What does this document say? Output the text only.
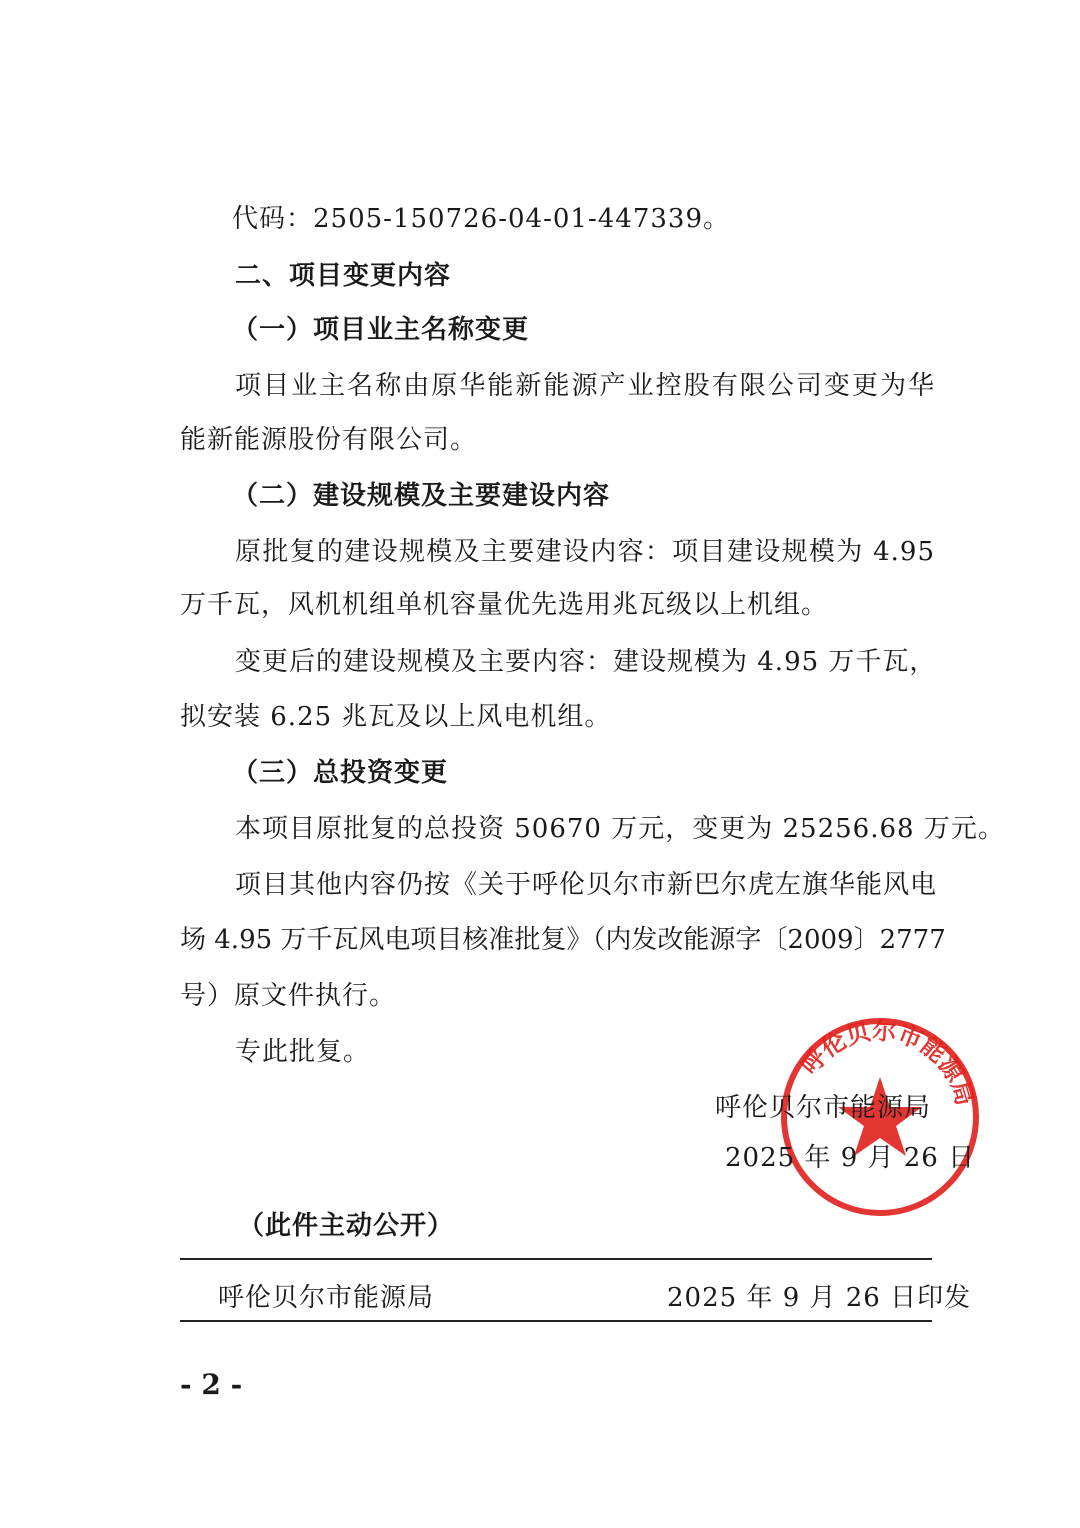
代码：2505-150726-04-01-447339。
二、项目变更内容
（一）项目业主名称变更
项目业主名称由原华能新能源产业控股有限公司变更为华
能新能源股份有限公司。
（二）建设规模及主要建设内容
原批复的建设规模及主要建设内容：项目建设规模为 4.95
万千瓦，风机机组单机容量优先选用兆瓦级以上机组。
变更后的建设规模及主要内容：建设规模为 4.95 万千瓦，
拟安装 6.25 兆瓦及以上风电机组。
（三）总投资变更
本项目原批复的总投资 50670 万元，变更为 25256.68 万元。
项目其他内容仍按《关于呼伦贝尔市新巴尔虎左旗华能风电
场 4.95 万千瓦风电项目核准批复》（内发改能源字〔2009〕2777
号）原文件执行。
专此批复。	呼伦贝尔市能源局
呼伦贝尔市能源局
2025 年 9 月 26 日
（此件主动公开）
呼伦贝尔市能源局	2025 年 9 月 26 日印发
- 2 -
